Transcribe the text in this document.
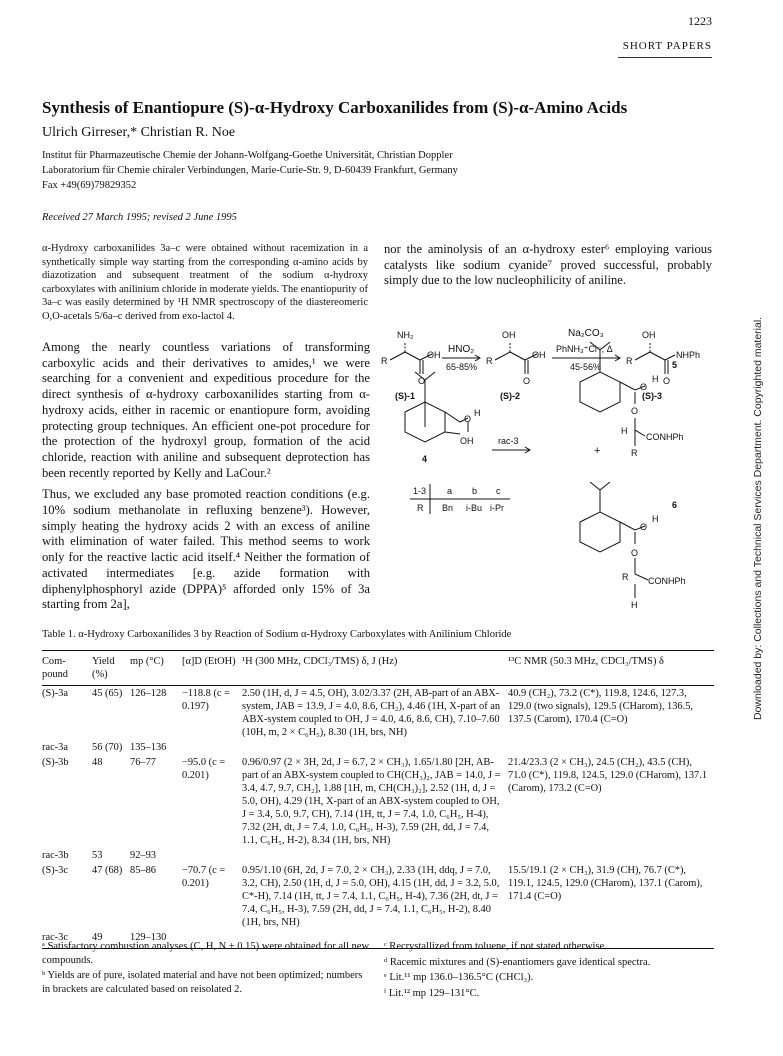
1223
SHORT PAPERS
Synthesis of Enantiopure (S)-α-Hydroxy Carboxanilides from (S)-α-Amino Acids
Ulrich Girreser,* Christian R. Noe
Institut für Pharmazeutische Chemie der Johann-Wolfgang-Goethe Universität, Christian Doppler
Laboratorium für Chemie chiraler Verbindungen, Marie-Curie-Str. 9, D-60439 Frankfurt, Germany
Fax +49(69)79829352
Received 27 March 1995; revised 2 June 1995
α-Hydroxy carboxanilides 3a–c were obtained without racemization in a synthetically simple way starting from the corresponding α-amino acids by diazotization and subsequent treatment of the sodium α-hydroxy carboxylates with anilinium chloride in moderate yields. The enantiopurity of 3a–c was easily determined by ¹H NMR spectroscopy of the diastereomeric O,O-acetals 5/6a–c derived from exo-lactol 4.

Among the nearly countless variations of transforming carboxylic acids and their derivatives to amides,¹ we were searching for a convenient and expeditious procedure for the direct synthesis of α-hydroxy carboxanilides starting from α-hydroxy acids, either in racemic or enantiopure form, avoiding protecting group techniques. An efficient one-pot procedure for the protection of the hydroxyl group, formation of the acid chloride, reaction with aniline and subsequent deprotection has been recently reported by Kelly and LaCour.²

Thus, we excluded any base promoted reaction conditions (e.g. 10% sodium methanolate in refluxing benzene³). However, simply heating the hydroxy acids 2 with an excess of aniline with elimination of water failed. This method seems to work only for the reactive lactic acid itself.⁴ Neither the formation of activated intermediates [e.g. azide formation with diphenylphosphoryl azide (DPPA)⁵ afforded only 15% of 3a starting from 2a],

nor the aminolysis of an α-hydroxy ester⁶ employing various catalysts like sodium cyanide⁷ proved successful, probably simply due to the low nucleophilicity of aniline.
NH₂
R
OH
O
(S)-1
HNO₂
65-85%
OH
R
OH
O
(S)-2
Na₂CO₃
PhNH₃⁺Cl⁻, Δ
45-56%
OH
R
NHPh
O
(S)-3
O
H
OH
4
rac-3
+
O
H
5
O
H
CONHPh
R
O
H
6
O
R CONHPh
H
1-3 a b c
R Bn i-Bu i-Pr
Table 1. α-Hydroxy Carboxanilides 3 by Reaction of Sodium α-Hydroxy Carboxylates with Anilinium Chloride
Com-pound	Yield (%)	mp (°C)	[α]D (EtOH)	¹H (300 MHz, CDCl₃/TMS) δ, J (Hz)	¹³C NMR (50.3 MHz, CDCl₃/TMS) δ
(S)-3a	45 (65)	126–128	−118.8 (c = 0.197)	2.50 (1H, d, J = 4.5, OH), 3.02/3.37 (2H, AB-part of an ABX-system, JAB = 13.9, J = 4.0, 8.6, CH₂), 4.46 (1H, X-part of an ABX-system coupled to OH, J = 4.0, 4.6, 8.6, CH), 7.10–7.60 (10H, m, 2 × C₆H₅), 8.30 (1H, brs, NH)	40.9 (CH₂), 73.2 (C*), 119.8, 124.6, 127.3, 129.0 (two signals), 129.5 (CHarom), 136.5, 137.5 (Carom), 170.4 (C=O)
rac-3a	56 (70)	135–136			
(S)-3b	48	76–77	−95.0 (c = 0.201)	0.96/0.97 (2 × 3H, 2d, J = 6.7, 2 × CH₃), 1.65/1.80 [2H, AB-part of an ABX-system coupled to CH(CH₃)₂, JAB = 14.0, J = 3.4, 4.7, 9.7, CH₂], 1.88 [1H, m, CH(CH₃)₂], 2.52 (1H, d, J = 5.0, OH), 4.29 (1H, X-part of an ABX-system coupled to OH, J = 3.4, 5.0, 9.7, CH), 7.14 (1H, tt, J = 7.4, 1.0, C₆H₅, H-4), 7.32 (2H, dt, J = 7.4, 1.0, C₆H₅, H-3), 7.59 (2H, dd, J = 7.4, 1.1, C₆H₅, H-2), 8.34 (1H, brs, NH)	21.4/23.3 (2 × CH₃), 24.5 (CH₂), 43.5 (CH), 71.0 (C*), 119.8, 124.5, 129.0 (CHarom), 137.1 (Carom), 173.2 (C=O)
rac-3b	53	92–93			
(S)-3c	47 (68)	85–86	−70.7 (c = 0.201)	0.95/1.10 (6H, 2d, J = 7.0, 2 × CH₃), 2.33 (1H, ddq, J = 7.0, 3.2, CH), 2.50 (1H, d, J = 5.0, OH), 4.15 (1H, dd, J = 3.2, 5.0, C*-H), 7.14 (1H, tt, J = 7.4, 1.1, C₆H₅, H-4), 7.36 (2H, dt, J = 7.4, C₆H₅, H-3), 7.59 (2H, dd, J = 7.4, 1.1, C₆H₅, H-2), 8.40 (1H, brs, NH)	15.5/19.1 (2 × CH₃), 31.9 (CH), 76.7 (C*), 119.1, 124.5, 129.0 (CHarom), 137.1 (Carom), 171.4 (C=O)
rac-3c	49	129–130			
ᵃ Satisfactory combustion analyses (C, H, N ± 0.15) were obtained for all new compounds.
ᵇ Yields are of pure, isolated material and have not been optimized; numbers in brackets are calculated based on reisolated 2.
ᶜ Recrystallized from toluene, if not stated otherwise.
ᵈ Racemic mixtures and (S)-enantiomers gave identical spectra.
ᵉ Lit.¹¹ mp 136.0–136.5°C (CHCl₃).
ᶠ Lit.¹² mp 129–131°C.
Downloaded by: Collections and Technical Services Department. Copyrighted material.
